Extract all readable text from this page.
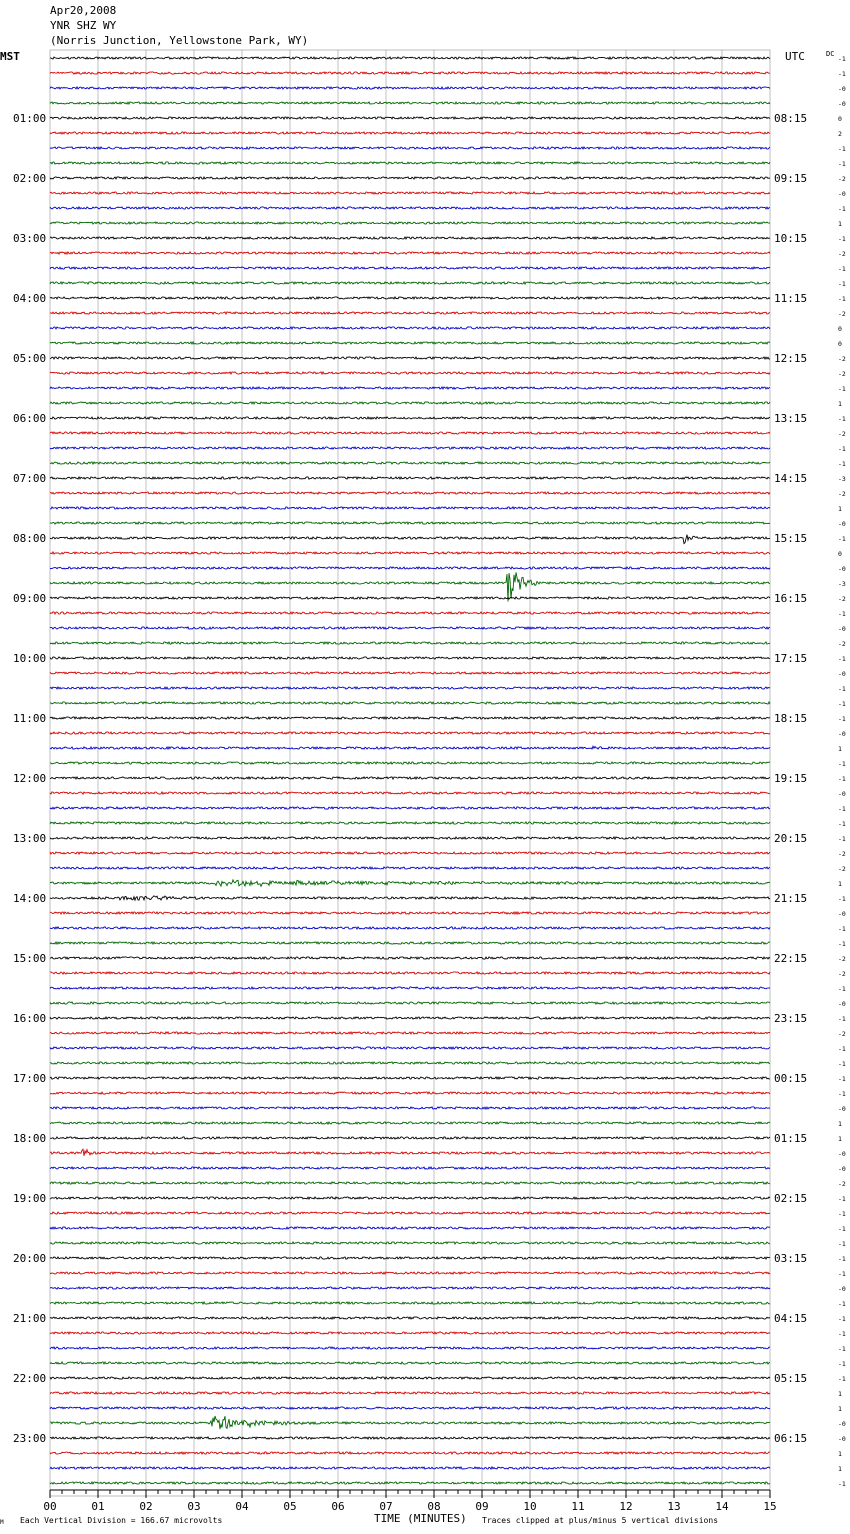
Apr20,2008
YNR SHZ WY
(Norris Junction, Yellowstone Park, WY)
-1
-1
-0
-0
0
2
-1
-1
-2
-0
-1
1
-1
-2
-1
-1
-1
-2
0
0
-2
-2
-1
1
-1
-2
-1
-1
-3
-2
1
-0
-1
0
-0
-3
-2
-1
-0
-2
-1
-0
-1
-1
-1
-0
1
-1
-1
-0
-1
-1
-1
-2
-2
1
-1
-0
-1
-1
-2
-2
-1
-0
-1
-2
-1
-1
-1
-1
-0
1
1
-0
-0
-2
-1
-1
-1
-1
-1
-1
-0
-1
-1
-1
-1
-1
-1
1
1
-0
-0
1
1
-1
01:00
02:00
03:00
04:00
05:00
06:00
07:00
08:00
09:00
10:00
11:00
12:00
13:00
14:00
15:00
16:00
17:00
18:00
19:00
20:00
21:00
22:00
23:00
08:15
09:15
10:15
11:15
12:15
13:15
14:15
15:15
16:15
17:15
18:15
19:15
20:15
21:15
22:15
23:15
00:15
01:15
02:15
03:15
04:15
05:15
06:15
00	01	02	03	04	05	06	07	08	09	10	11	12	13	14	15
MST	UTC	DC
M Each Vertical Division = 166.67 microvolts	TIME (MINUTES) Traces clipped at plus/minus 5 vertical divisions
